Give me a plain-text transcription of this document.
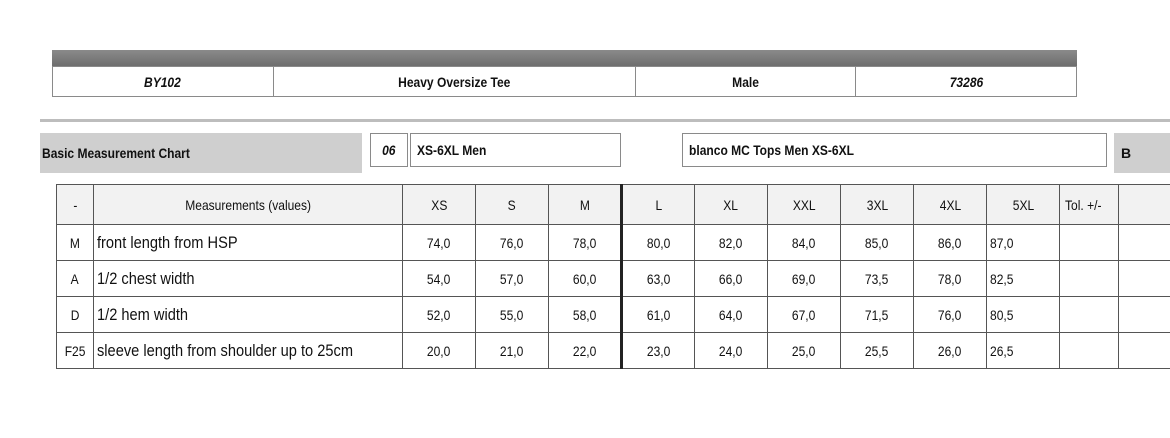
BY102	Heavy Oversize Tee	Male	73286
Basic Measurement Chart	06 XS-6XL Men	blanco MC Tops Men XS-6XL	B
-	Measurements (values)	XS	S	M	L	XL	XXL	3XL	4XL	5XL	Tol. +/-	
M	front length from HSP	74,0	76,0	78,0	80,0	82,0	84,0	85,0	86,0	87,0		
A	1/2 chest width	54,0	57,0	60,0	63,0	66,0	69,0	73,5	78,0	82,5		
D	1/2 hem width	52,0	55,0	58,0	61,0	64,0	67,0	71,5	76,0	80,5		
F25	sleeve length from shoulder up to 25cm	20,0	21,0	22,0	23,0	24,0	25,0	25,5	26,0	26,5		
